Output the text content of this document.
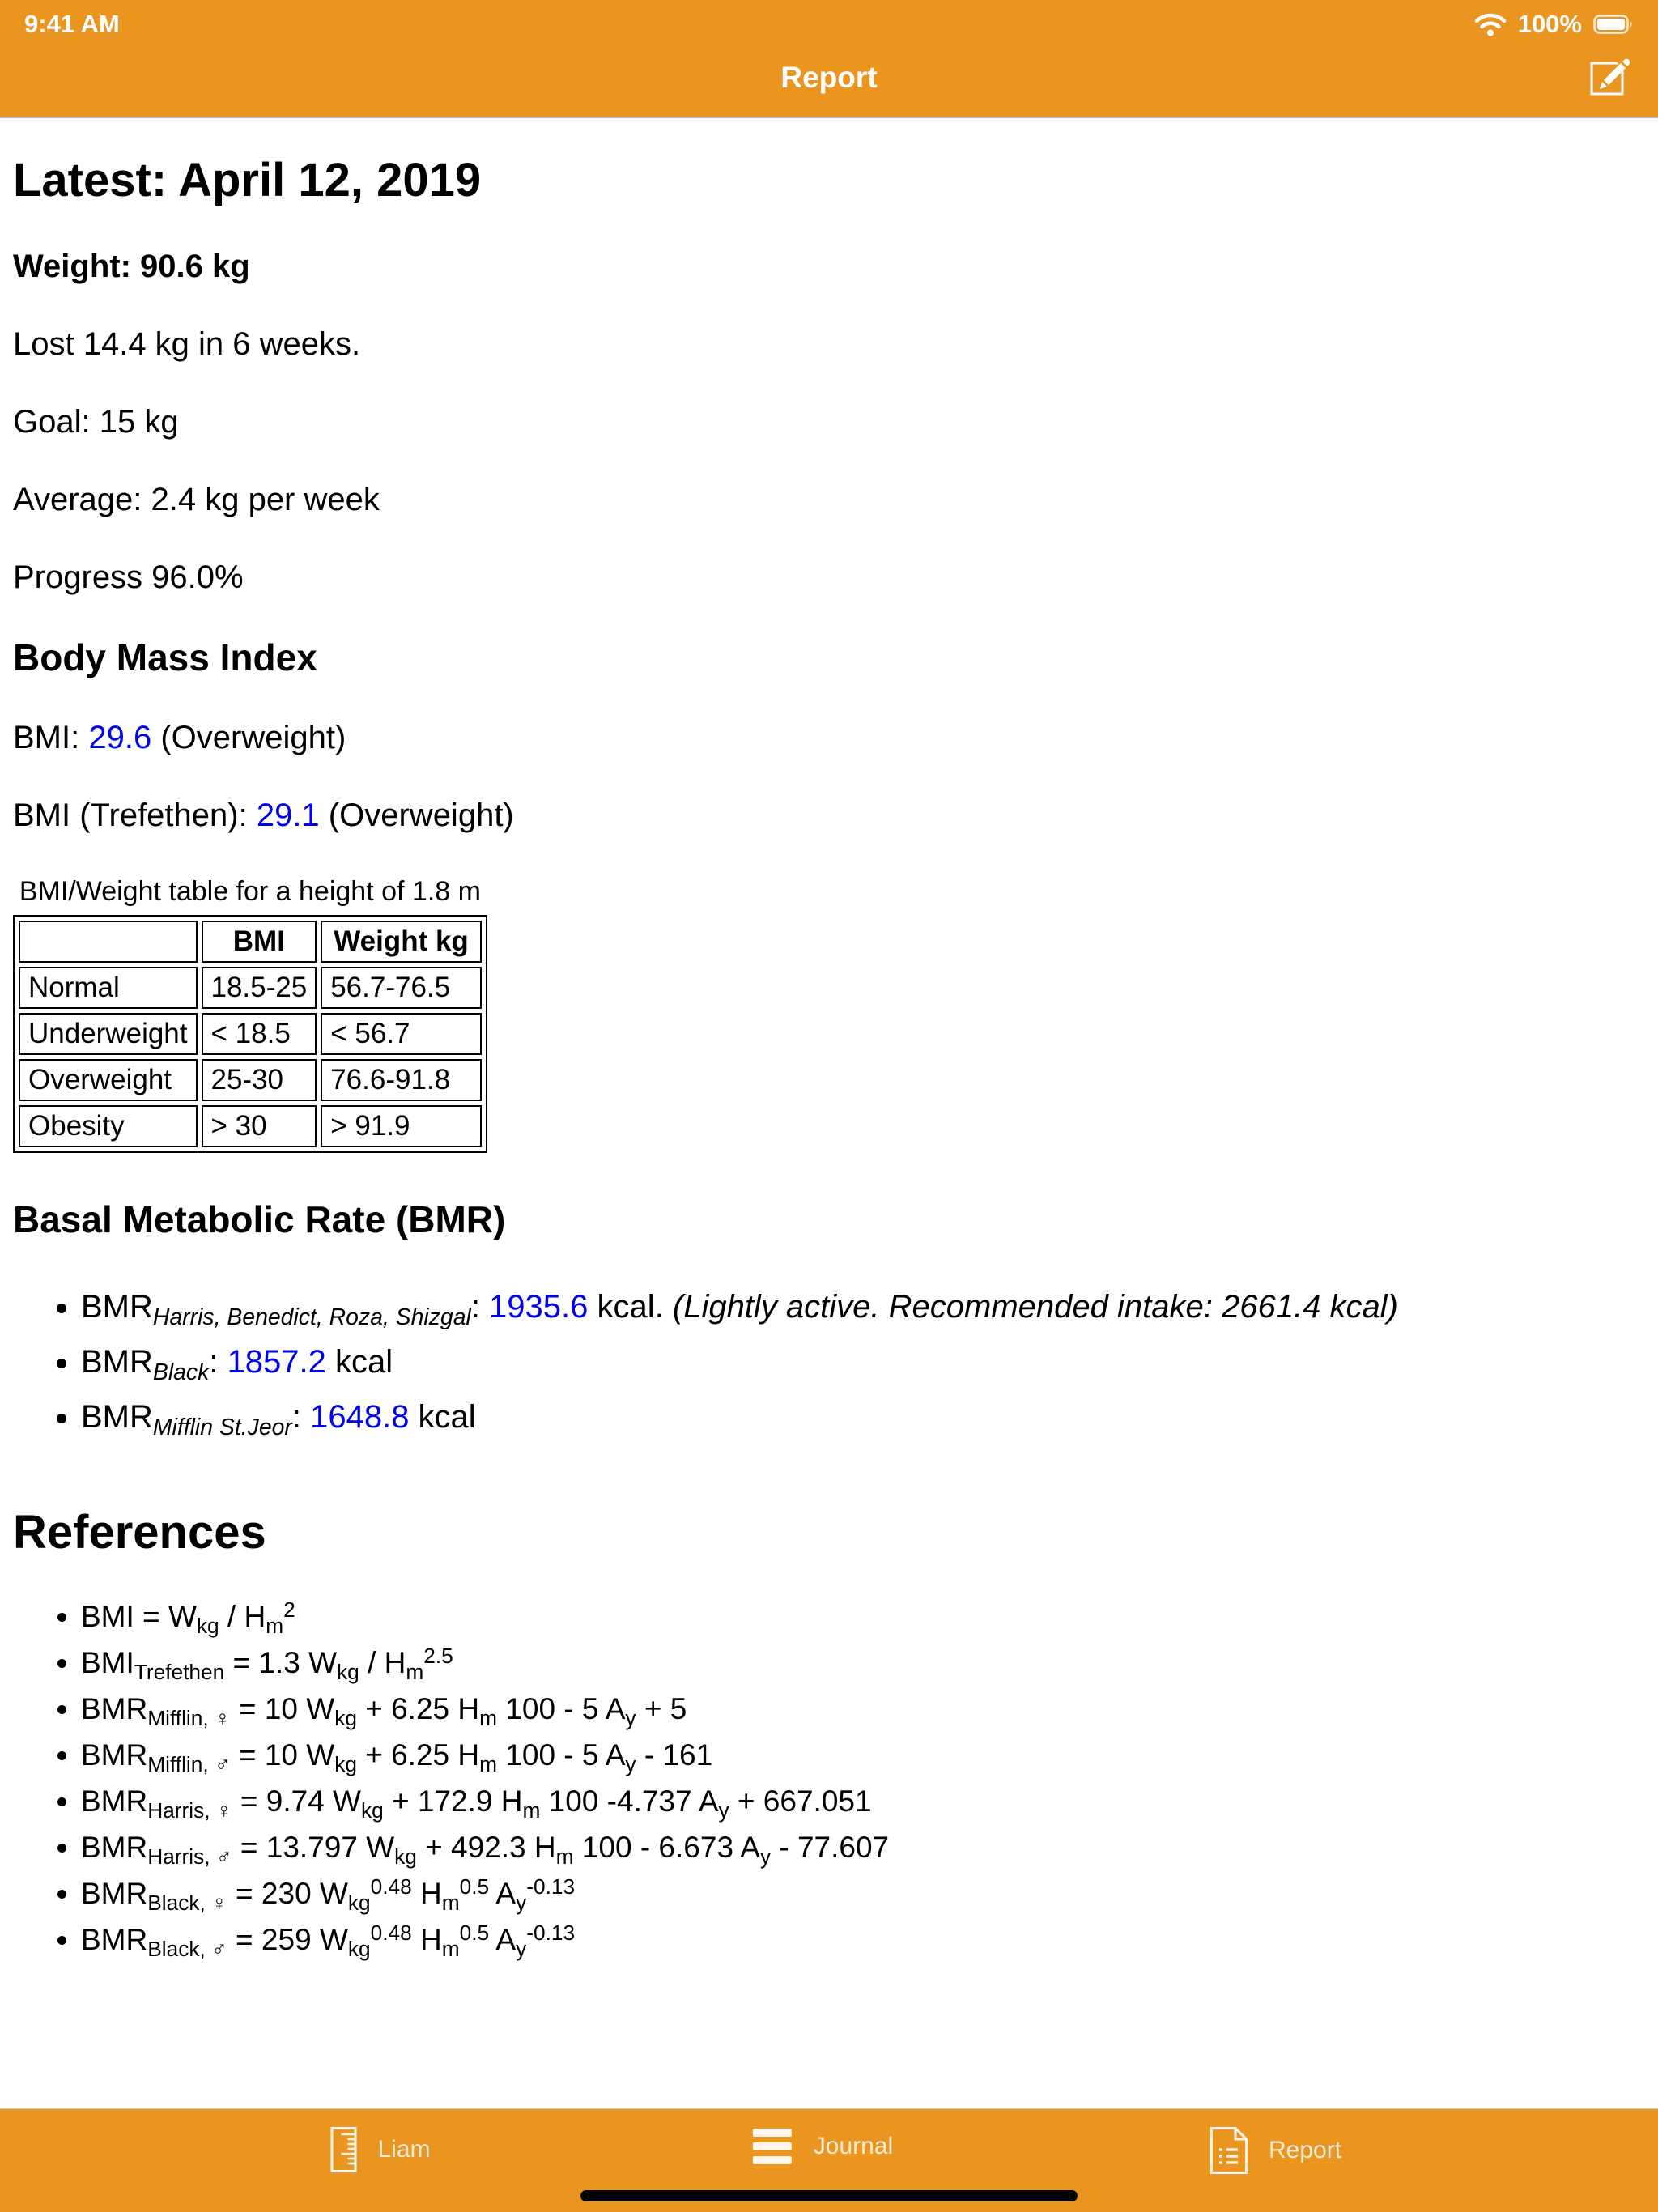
9:41 AM	100%
Report
Latest: April 12, 2019

Weight: 90.6 kg

Lost 14.4 kg in 6 weeks.

Goal: 15 kg

Average: 2.4 kg per week

Progress 96.0%

Body Mass Index

BMI: 29.6 (Overweight)

BMI (Trefethen): 29.1 (Overweight)

BMI/Weight table for a height of 1.8 m
	BMI	Weight kg
Normal	18.5-25	56.7-76.5
Underweight	< 18.5	< 56.7
Overweight	25-30	76.6-91.8
Obesity	> 30	> 91.9
Basal Metabolic Rate (BMR)
• $BMR_{Harris, Benedict, Roza, Shizgal}$: 1935.6 kcal. (Lightly active. Recommended intake: 2661.4 kcal)
• $BMR_{Black}$: 1857.2 kcal
• $BMR_{Mifflin St.Jeor}$: 1648.8 kcal
References
• BMI = $W_{kg} / H_m^2$
• $BMI_{Trefethen} = 1.3$ $W_{kg} / H_m^{2.5}$
• $BMR_{Mifflin, ♀} = 10$ $W_{kg} + 6.25$ $H_m$ 100 - 5 $A_y + 5$
• $BMR_{Mifflin, ♂} = 10$ $W_{kg} + 6.25$ $H_m$ 100 - 5 $A_y - 161$
• $BMR_{Harris, ♀} = 9.74$ $W_{kg} + 172.9$ $H_m$ 100 -4.737 $A_y + 667.051$
• $BMR_{Harris, ♂} = 13.797$ $W_{kg} + 492.3$ $H_m$ 100 - 6.673 $A_y - 77.607$
• $BMR_{Black, ♀} = 230$ $W_{kg}^{0.48}$ $H_m^{0.5}$ $A_y^{-0.13}$
• $BMR_{Black, ♂} = 259$ $W_{kg}^{0.48}$ $H_m^{0.5}$ $A_y^{-0.13}$
Liam	Journal	Report
